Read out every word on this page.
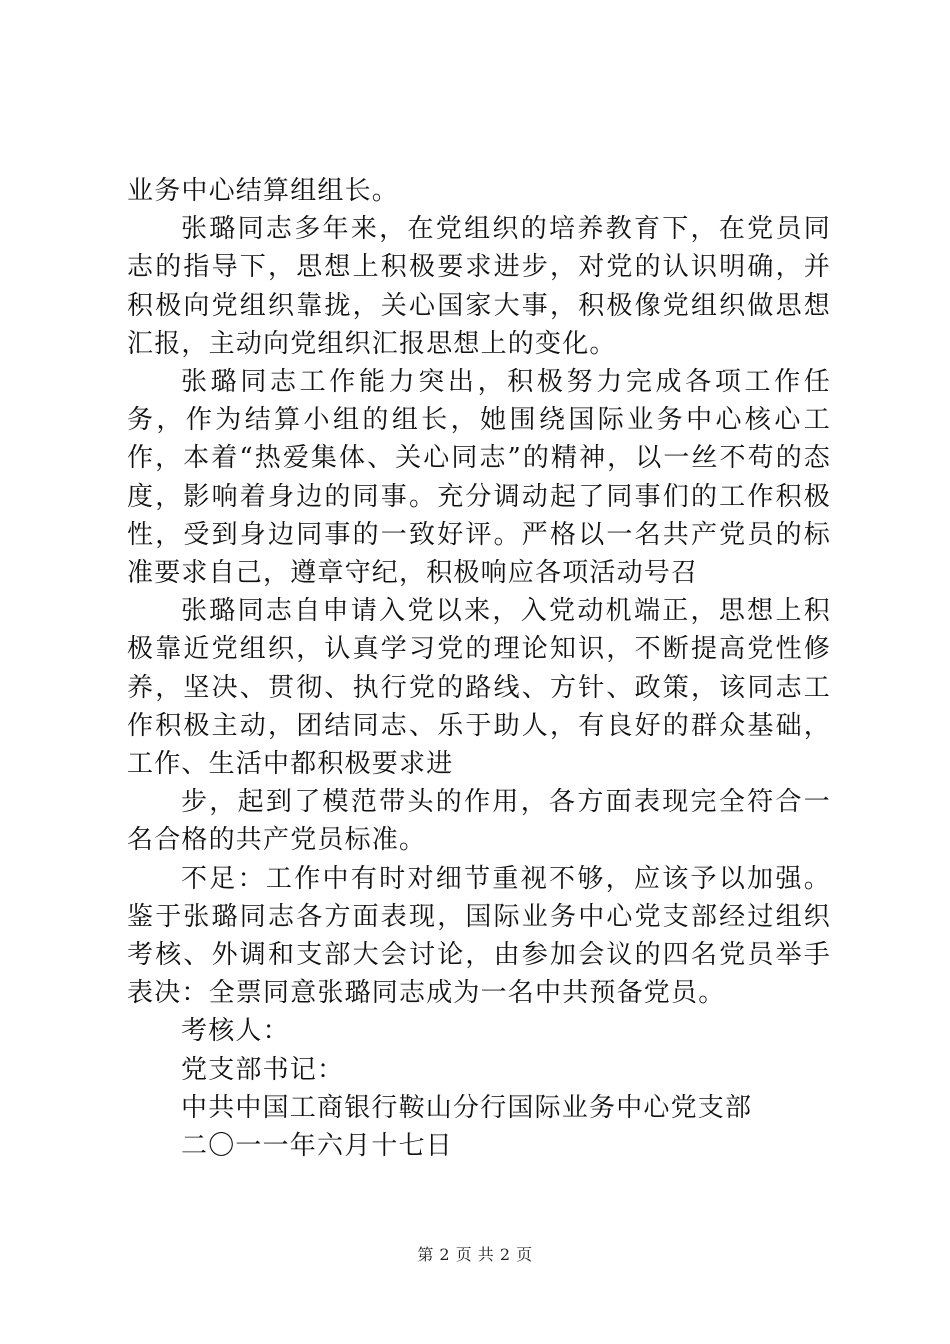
业务中心结算组组长。

张璐同志多年来，在党组织的培养教育下，在党员同志的指导下，思想上积极要求进步，对党的认识明确，并积极向党组织靠拢，关心国家大事，积极像党组织做思想汇报，主动向党组织汇报思想上的变化。

张璐同志工作能力突出，积极努力完成各项工作任务，作为结算小组的组长，她围绕国际业务中心核心工作，本着“热爱集体、关心同志”的精神，以一丝不苟的态度，影响着身边的同事。充分调动起了同事们的工作积极性，受到身边同事的一致好评。严格以一名共产党员的标准要求自己，遵章守纪，积极响应各项活动号召

张璐同志自申请入党以来，入党动机端正，思想上积极靠近党组织，认真学习党的理论知识，不断提高党性修养，坚决、贯彻、执行党的路线、方针、政策，该同志工作积极主动，团结同志、乐于助人，有良好的群众基础，工作、生活中都积极要求进

步，起到了模范带头的作用，各方面表现完全符合一名合格的共产党员标准。

不足：工作中有时对细节重视不够，应该予以加强。鉴于张璐同志各方面表现，国际业务中心党支部经过组织考核、外调和支部大会讨论，由参加会议的四名党员举手表决：全票同意张璐同志成为一名中共预备党员。

考核人：

党支部书记：

中共中国工商银行鞍山分行国际业务中心党支部

二〇一一年六月十七日

第 2 页 共 2 页
